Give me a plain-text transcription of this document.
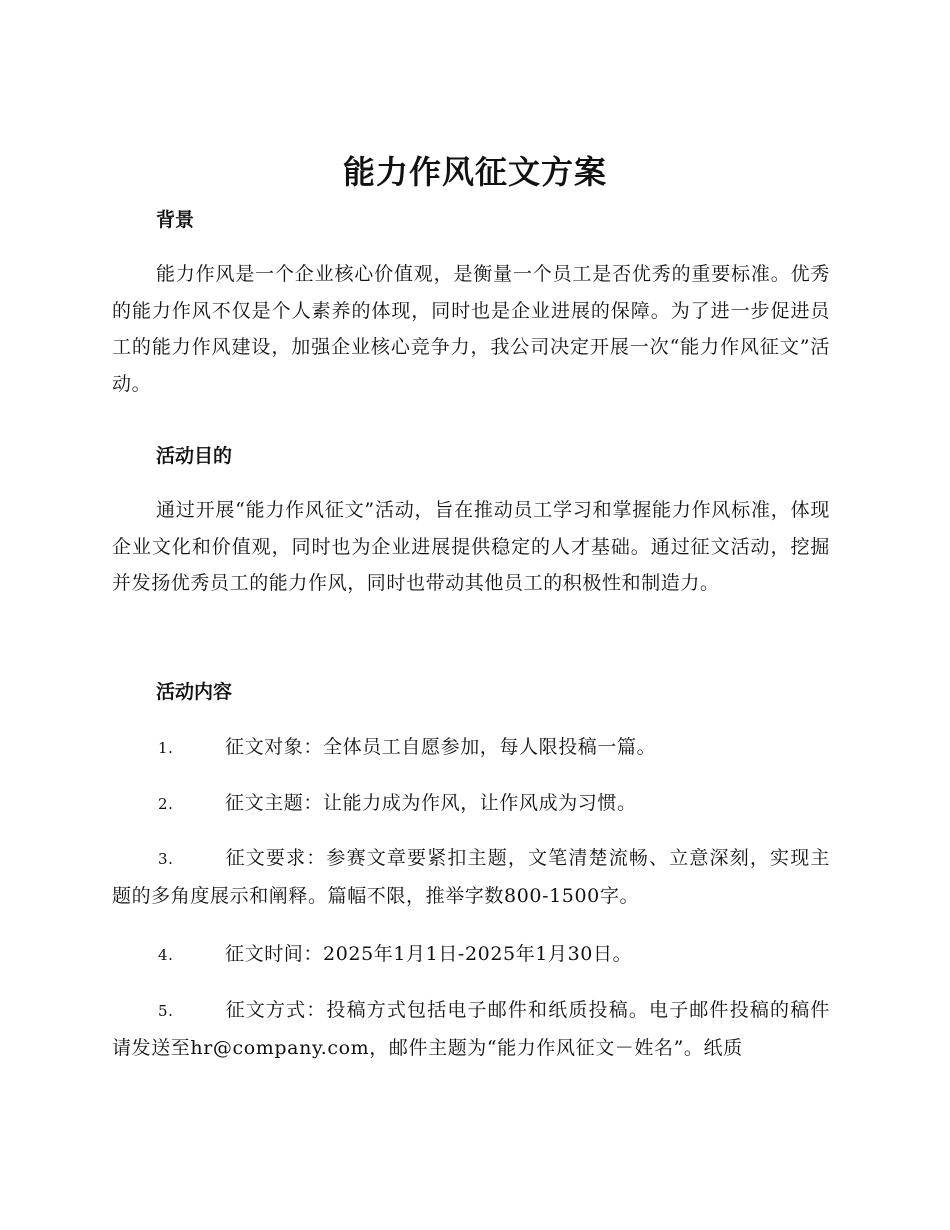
能力作风征文方案
背景

能力作风是一个企业核心价值观，是衡量一个员工是否优秀的重要标准。优秀的能力作风不仅是个人素养的体现，同时也是企业进展的保障。为了进一步促进员工的能力作风建设，加强企业核心竞争力，我公司决定开展一次“能力作风征文”活动。

活动目的

通过开展“能力作风征文”活动，旨在推动员工学习和掌握能力作风标准，体现企业文化和价值观，同时也为企业进展提供稳定的人才基础。通过征文活动，挖掘并发扬优秀员工的能力作风，同时也带动其他员工的积极性和制造力。

活动内容

1.	征文对象：全体员工自愿参加，每人限投稿一篇。

2.	征文主题：让能力成为作风，让作风成为习惯。

3.	征文要求：参赛文章要紧扣主题，文笔清楚流畅、立意深刻，实现主题的多角度展示和阐释。篇幅不限，推举字数800-1500字。

4.	征文时间：2025年1月1日-2025年1月30日。

5.	征文方式：投稿方式包括电子邮件和纸质投稿。电子邮件投稿的稿件请发送至hr@company.com，邮件主题为“能力作风征文－姓名”。纸质
